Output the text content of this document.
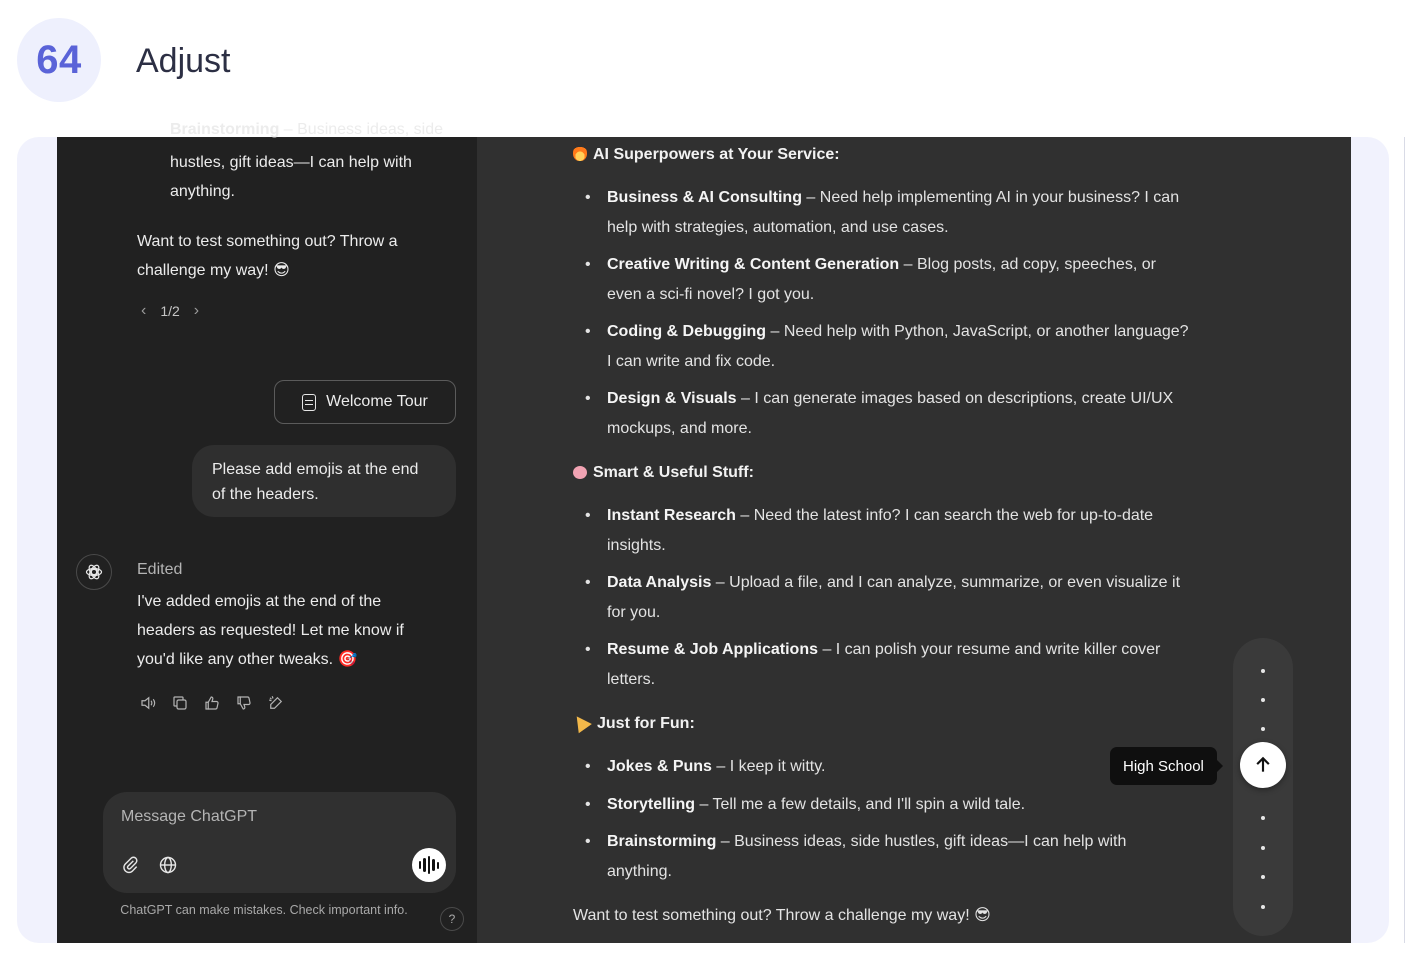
64	Adjust
Brainstorming – Business ideas, side
hustles, gift ideas—I can help with
anything.
Want to test something out? Throw a
challenge my way! 😎
‹ 1/2 ›
Welcome Tour
Please add emojis at the end of the headers.
Edited
I've added emojis at the end of the headers as requested! Let me know if you'd like any other tweaks. 🎯
Message ChatGPT
ChatGPT can make mistakes. Check important info.
?
AI Superpowers at Your Service:
• Business & AI Consulting – Need help implementing AI in your business? I can help with strategies, automation, and use cases.
• Creative Writing & Content Generation – Blog posts, ad copy, speeches, or even a sci-fi novel? I got you.
• Coding & Debugging – Need help with Python, JavaScript, or another language? I can write and fix code.
• Design & Visuals – I can generate images based on descriptions, create UI/UX mockups, and more.
Smart & Useful Stuff:
• Instant Research – Need the latest info? I can search the web for up-to-date insights.
• Data Analysis – Upload a file, and I can analyze, summarize, or even visualize it for you.
• Resume & Job Applications – I can polish your resume and write killer cover letters.
Just for Fun:
• Jokes & Puns – I keep it witty.
• Storytelling – Tell me a few details, and I'll spin a wild tale.
• Brainstorming – Business ideas, side hustles, gift ideas—I can help with anything.

Want to test something out? Throw a challenge my way! 😎

High School
